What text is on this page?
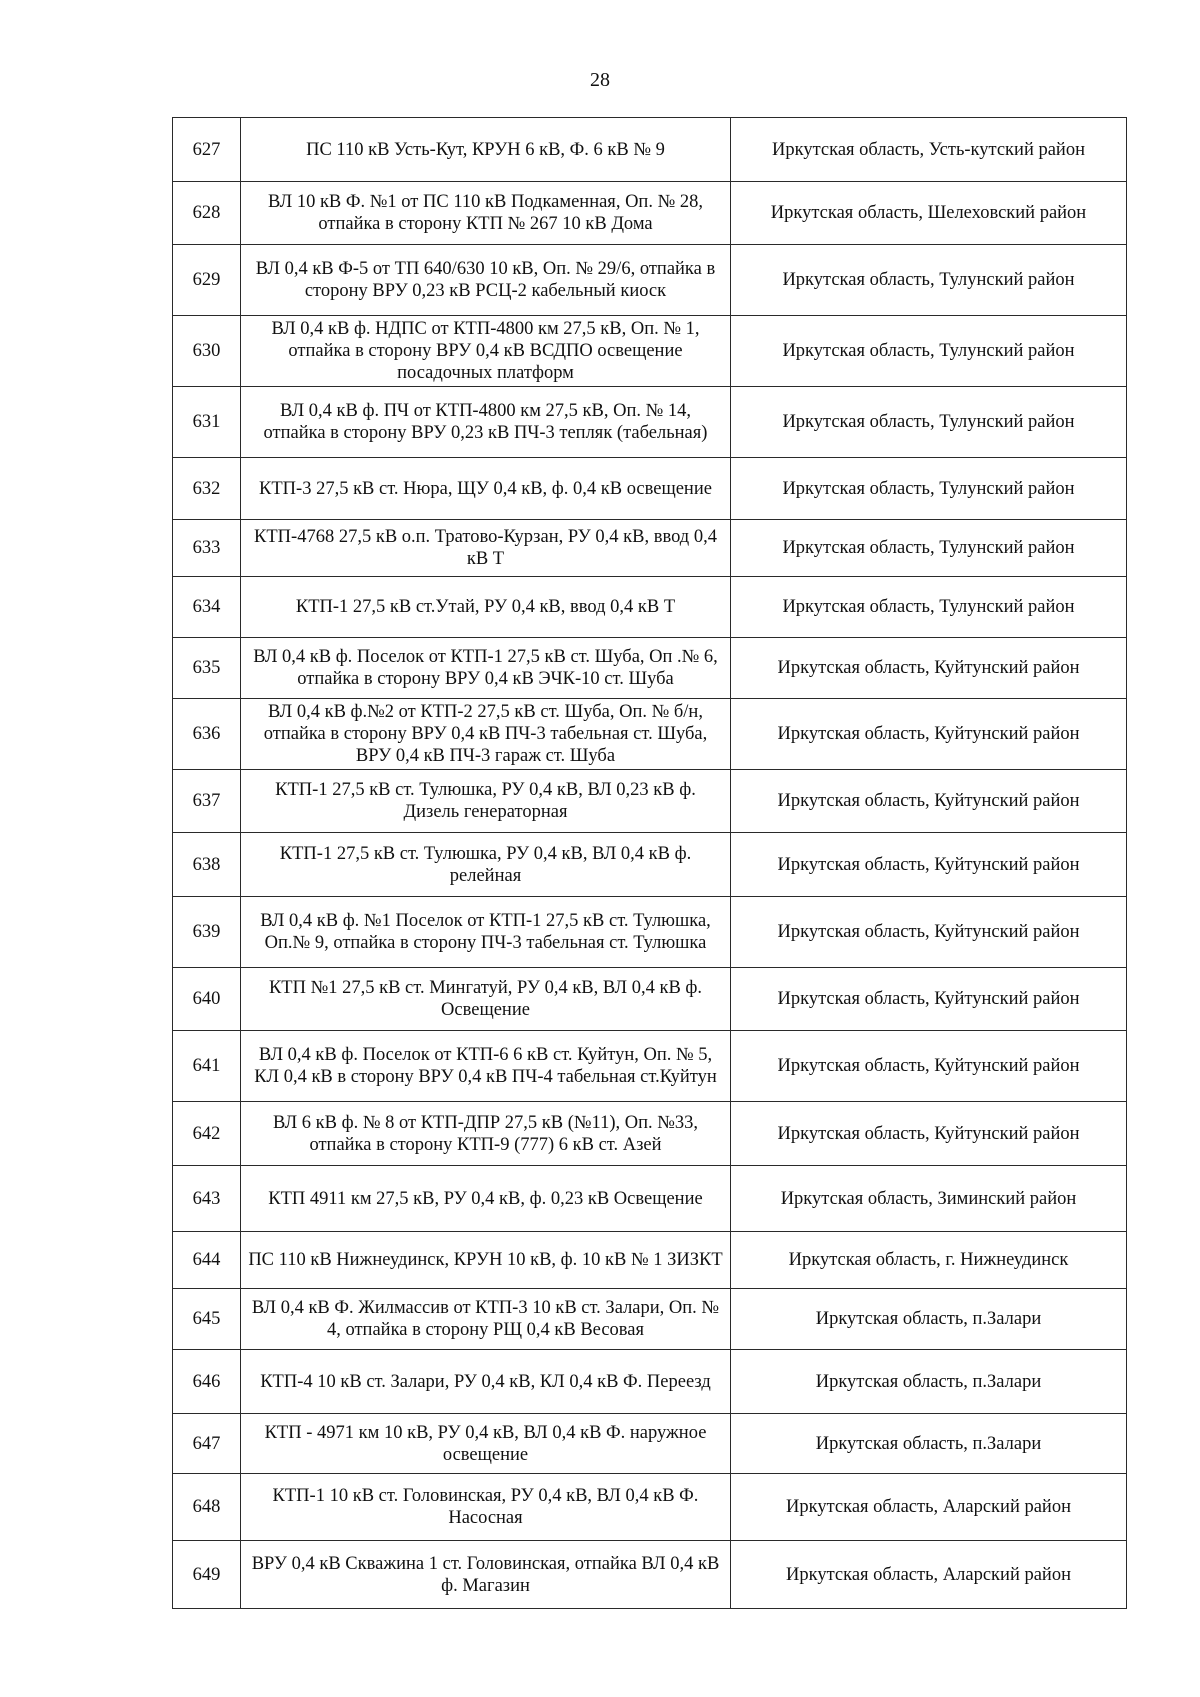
28
627	ПС 110 кВ Усть-Кут, КРУН 6 кВ, Ф. 6 кВ № 9	Иркутская область, Усть-кутский район
628	ВЛ 10 кВ Ф. №1 от ПС 110 кВ Подкаменная, Оп. № 28, отпайка в сторону КТП № 267 10 кВ Дома	Иркутская область, Шелеховский район
629	ВЛ 0,4 кВ Ф-5 от ТП 640/630 10 кВ, Оп. № 29/6, отпайка в сторону ВРУ 0,23 кВ РСЦ-2 кабельный киоск	Иркутская область, Тулунский район
630	ВЛ 0,4 кВ ф. НДПС от КТП-4800 км 27,5 кВ, Оп. № 1, отпайка в сторону ВРУ 0,4 кВ ВСДПО освещение посадочных платформ	Иркутская область, Тулунский район
631	ВЛ 0,4 кВ ф. ПЧ от КТП-4800 км 27,5 кВ, Оп. № 14, отпайка в сторону ВРУ 0,23 кВ ПЧ-3 тепляк (табельная)	Иркутская область, Тулунский район
632	КТП-3 27,5 кВ ст. Нюра, ЩУ 0,4 кВ, ф. 0,4 кВ освещение	Иркутская область, Тулунский район
633	КТП-4768 27,5 кВ о.п. Тратово-Курзан, РУ 0,4 кВ, ввод 0,4 кВ Т	Иркутская область, Тулунский район
634	КТП-1 27,5 кВ ст.Утай, РУ 0,4 кВ, ввод 0,4 кВ Т	Иркутская область, Тулунский район
635	ВЛ 0,4 кВ ф. Поселок от КТП-1 27,5 кВ ст. Шуба, Оп .№ 6, отпайка в сторону ВРУ 0,4 кВ ЭЧК-10 ст. Шуба	Иркутская область, Куйтунский район
636	ВЛ 0,4 кВ ф.№2 от КТП-2 27,5 кВ ст. Шуба, Оп. № б/н, отпайка в сторону ВРУ 0,4 кВ ПЧ-3 табельная ст. Шуба, ВРУ 0,4 кВ ПЧ-3 гараж ст. Шуба	Иркутская область, Куйтунский район
637	КТП-1 27,5 кВ ст. Тулюшка, РУ 0,4 кВ, ВЛ 0,23 кВ ф. Дизель генераторная	Иркутская область, Куйтунский район
638	КТП-1 27,5 кВ ст. Тулюшка, РУ 0,4 кВ, ВЛ 0,4 кВ ф. релейная	Иркутская область, Куйтунский район
639	ВЛ 0,4 кВ ф. №1 Поселок от КТП-1 27,5 кВ ст. Тулюшка, Оп.№ 9, отпайка в сторону ПЧ-3 табельная ст. Тулюшка	Иркутская область, Куйтунский район
640	КТП №1 27,5 кВ ст. Мингатуй, РУ 0,4 кВ, ВЛ 0,4 кВ ф. Освещение	Иркутская область, Куйтунский район
641	ВЛ 0,4 кВ ф. Поселок от КТП-6 6 кВ ст. Куйтун, Оп. № 5, КЛ 0,4 кВ в сторону ВРУ 0,4 кВ ПЧ-4 табельная ст.Куйтун	Иркутская область, Куйтунский район
642	ВЛ 6 кВ ф. № 8 от КТП-ДПР 27,5 кВ (№11), Оп. №33, отпайка в сторону КТП-9 (777) 6 кВ ст. Азей	Иркутская область, Куйтунский район
643	КТП 4911 км 27,5 кВ, РУ 0,4 кВ, ф. 0,23 кВ Освещение	Иркутская область, Зиминский район
644	ПС 110 кВ Нижнеудинск, КРУН 10 кВ, ф. 10 кВ № 1 ЗИЗКТ	Иркутская область, г. Нижнеудинск
645	ВЛ 0,4 кВ Ф. Жилмассив от КТП-3 10 кВ ст. Залари, Оп. № 4, отпайка в сторону РЩ 0,4 кВ Весовая	Иркутская область, п.Залари
646	КТП-4 10 кВ ст. Залари, РУ 0,4 кВ, КЛ 0,4 кВ Ф. Переезд	Иркутская область, п.Залари
647	КТП - 4971 км 10 кВ, РУ 0,4 кВ, ВЛ 0,4 кВ Ф. наружное освещение	Иркутская область, п.Залари
648	КТП-1 10 кВ ст. Головинская, РУ 0,4 кВ, ВЛ 0,4 кВ Ф. Насосная	Иркутская область, Аларский район
649	ВРУ 0,4 кВ Скважина 1 ст. Головинская, отпайка ВЛ 0,4 кВ ф. Магазин	Иркутская область, Аларский район
